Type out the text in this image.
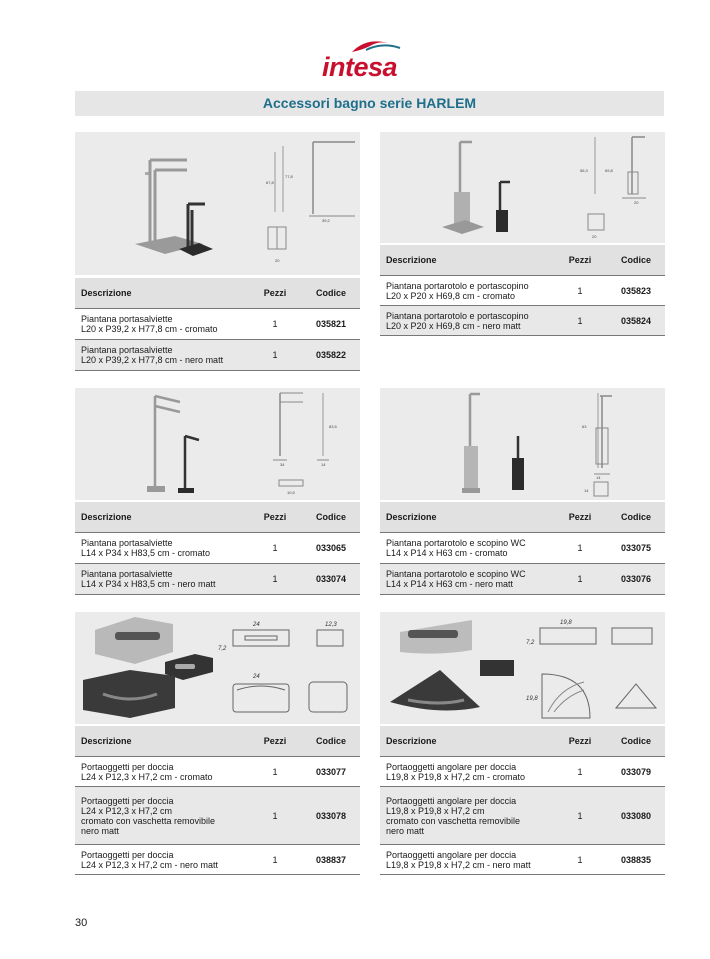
intesa
Accessori bagno serie HARLEM
67,8
77,8
39,2
20
Descrizione	Pezzi	Codice

Piantana portasalviette
L20 x P39,2 x H77,8 cm - cromato	1	035821

Piantana portasalviette
L20 x P39,2 x H77,8 cm - nero matt	1	035822
56,3	69,8
20
20
Descrizione	Pezzi	Codice

Piantana portarotolo e portascopino
L20 x P20 x H69,8 cm - cromato	1	035823

Piantana portarotolo e portascopino
L20 x P20 x H69,8 cm - nero matt	1	035824
83,5
34	14
10,5
Descrizione	Pezzi	Codice

Piantana portasalviette
L14 x P34 x H83,5 cm - cromato	1	033065

Piantana portasalviette
L14 x P34 x H83,5 cm - nero matt	1	033074
63
14
14
Descrizione	Pezzi	Codice

Piantana portarotolo e scopino WC
L14 x P14 x H63 cm - cromato	1	033075

Piantana portarotolo e scopino WC
L14 x P14 x H63 cm - nero matt	1	033076
24	12,3
7,2
24
Descrizione	Pezzi	Codice

Portaoggetti per doccia
L24 x P12,3 x H7,2 cm - cromato	1	033077

Portaoggetti per doccia
L24 x P12,3 x H7,2 cm
cromato con vaschetta removibile
nero matt	1	033078

Portaoggetti per doccia
L24 x P12,3 x H7,2 cm - nero matt	1	038837
19,8
7,2
19,8
Descrizione	Pezzi	Codice

Portaoggetti angolare per doccia
L19,8 x P19,8 x H7,2 cm - cromato	1	033079

Portaoggetti angolare per doccia
L19,8 x P19,8 x H7,2 cm
cromato con vaschetta removibile
nero matt	1	033080

Portaoggetti angolare per doccia
L19,8 x P19,8 x H7,2 cm - nero matt	1	038835
30
